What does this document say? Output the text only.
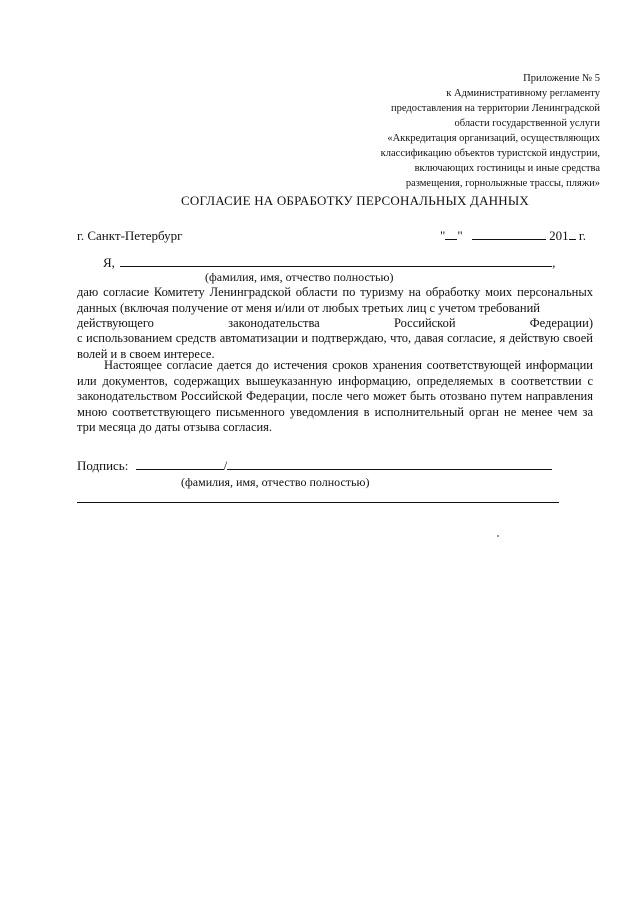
Приложение № 5
к Административному регламенту
предоставления на территории Ленинградской
области государственной услуги
«Аккредитация организаций, осуществляющих
классификацию объектов туристской индустрии,
включающих гостиницы и иные средства
размещения, горнолыжные трассы, пляжи»
СОГЛАСИЕ НА ОБРАБОТКУ ПЕРСОНАЛЬНЫХ ДАННЫХ
г. Санкт-Петербург	" "	201 г.
Я,	,
(фамилия, имя, отчество полностью)
даю согласие Комитету Ленинградской области по туризму на обработку моих персональных данных (включая получение от меня и/или от любых третьих лиц с учетом требований
действующего	законодательства	Российской	Федерации)
с использованием средств автоматизации и подтверждаю, что, давая согласие, я действую своей волей и в своем интересе.
Настоящее согласие дается до истечения сроков хранения соответствующей информации или документов, содержащих вышеуказанную информацию, определяемых в соответствии с законодательством Российской Федерации, после чего может быть отозвано путем направления мною соответствующего письменного уведомления в исполнительный орган не менее чем за три месяца до даты отзыва согласия.
Подпись:	/
(фамилия, имя, отчество полностью)
